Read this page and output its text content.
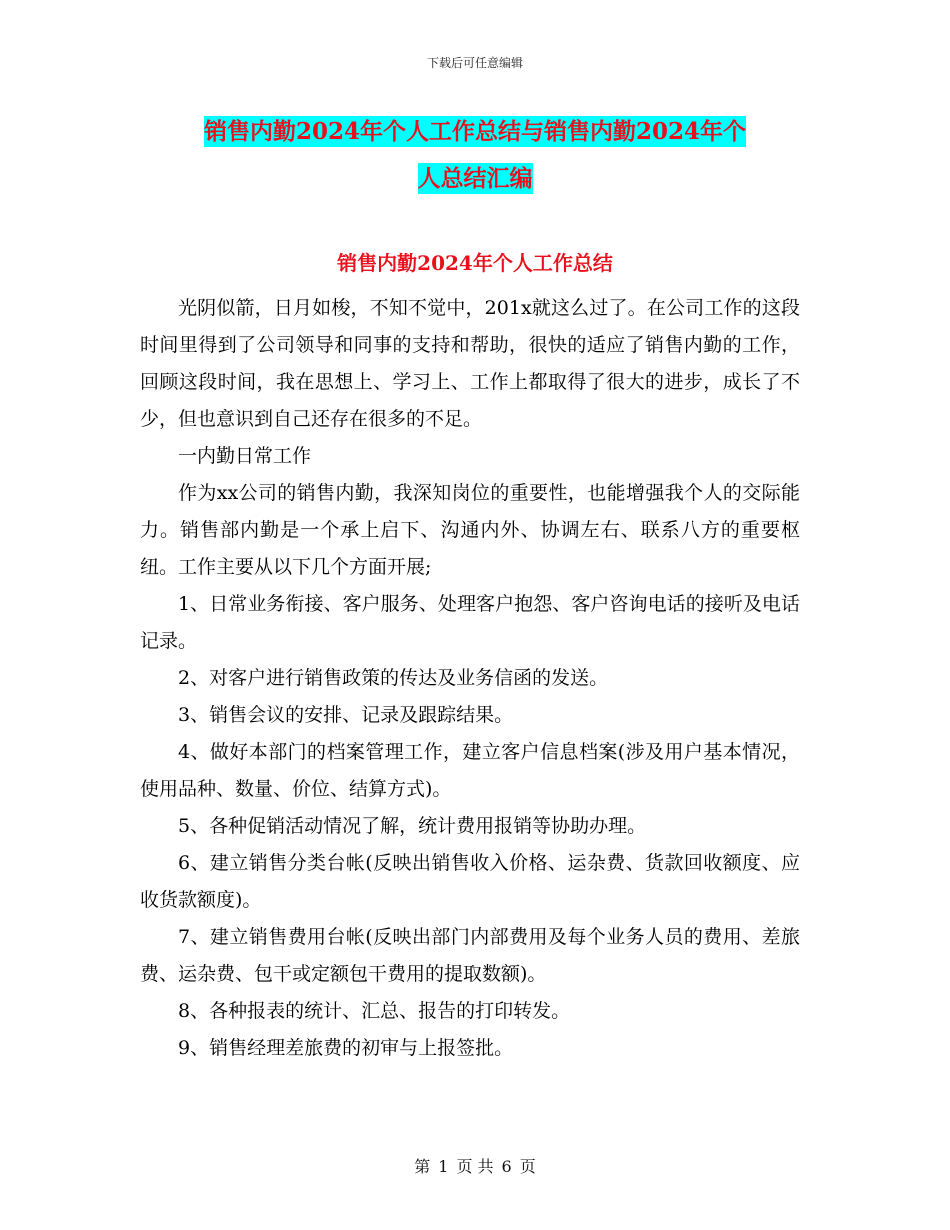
下载后可任意编辑
销售内勤2024年个人工作总结与销售内勤2024年个
人总结汇编
销售内勤2024年个人工作总结

光阴似箭，日月如梭，不知不觉中，201x就这么过了。在公司工作的这段时间里得到了公司领导和同事的支持和帮助，很快的适应了销售内勤的工作，回顾这段时间，我在思想上、学习上、工作上都取得了很大的进步，成长了不少，但也意识到自己还存在很多的不足。

一内勤日常工作

作为xx公司的销售内勤，我深知岗位的重要性，也能增强我个人的交际能力。销售部内勤是一个承上启下、沟通内外、协调左右、联系八方的重要枢纽。工作主要从以下几个方面开展;

1、日常业务衔接、客户服务、处理客户抱怨、客户咨询电话的接听及电话记录。

2、对客户进行销售政策的传达及业务信函的发送。

3、销售会议的安排、记录及跟踪结果。

4、做好本部门的档案管理工作，建立客户信息档案(涉及用户基本情况，使用品种、数量、价位、结算方式)。

5、各种促销活动情况了解，统计费用报销等协助办理。

6、建立销售分类台帐(反映出销售收入价格、运杂费、货款回收额度、应收货款额度)。

7、建立销售费用台帐(反映出部门内部费用及每个业务人员的费用、差旅费、运杂费、包干或定额包干费用的提取数额)。

8、各种报表的统计、汇总、报告的打印转发。

9、销售经理差旅费的初审与上报签批。

第 1 页 共 6 页
